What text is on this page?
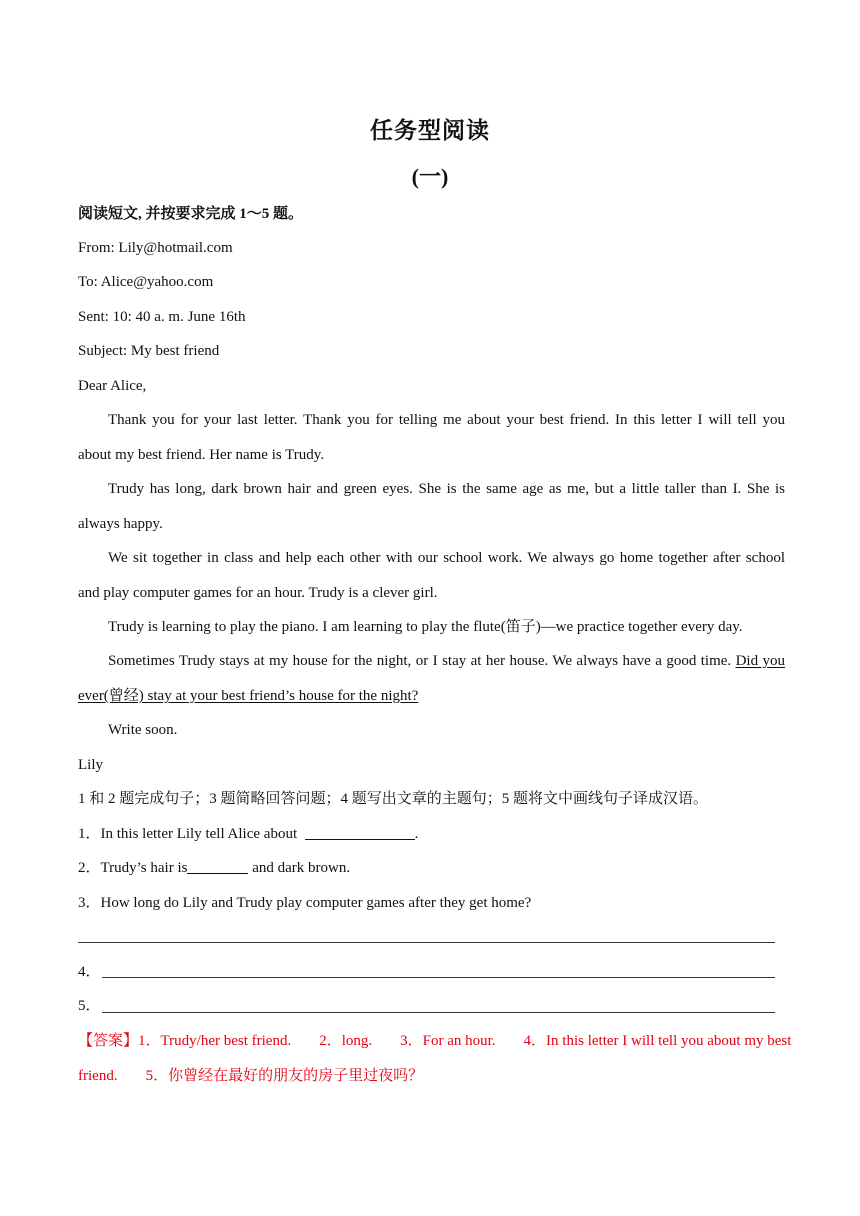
任务型阅读
(一)
阅读短文, 并按要求完成 1～5 题。
From: Lily@hotmail.com
To: Alice@yahoo.com
Sent: 10: 40 a. m. June 16th
Subject: My best friend
Dear Alice,
Thank you for your last letter. Thank you for telling me about your best friend. In this letter I will tell you
about my best friend. Her name is Trudy.
Trudy has long, dark brown hair and green eyes. She is the same age as me, but a little taller than I. She is
always happy.
We sit together in class and help each other with our school work. We always go home together after school
and play computer games for an hour. Trudy is a clever girl.
Trudy is learning to play the piano. I am learning to play the flute(笛子)—we practice together every day.
Sometimes Trudy stays at my house for the night, or I stay at her house. We always have a good time. Did you
ever(曾经) stay at your best friend’s house for the night?
Write soon.
Lily
1 和 2 题完成句子；3 题简略回答问题；4 题写出文章的主题句；5 题将文中画线句子译成汉语。
1．In this letter Lily tell Alice about	.
2．Trudy’s hair is	and dark brown.
3．How long do Lily and Trudy play computer games after they get home?
4．
5．
【答案】1．Trudy/her best friend. 2．long. 3．For an hour. 4．In this letter I will tell you about my best
friend. 5．你曾经在最好的朋友的房子里过夜吗？
